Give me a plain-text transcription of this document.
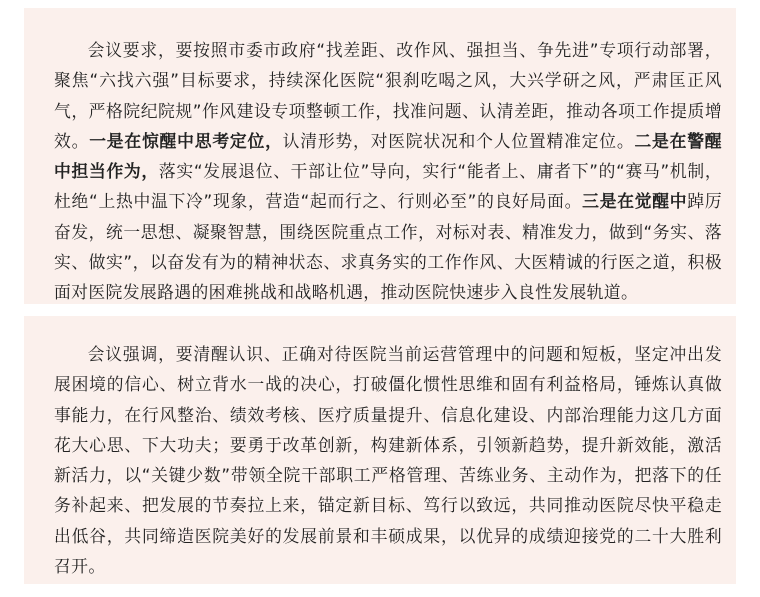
会议要求，要按照市委市政府“找差距、改作风、强担当、争先进”专项行动部署，聚焦“六找六强”目标要求，持续深化医院“狠刹吃喝之风，大兴学研之风，严肃匡正风气，严格院纪院规”作风建设专项整顿工作，找准问题、认清差距，推动各项工作提质增效。一是在惊醒中思考定位，认清形势，对医院状况和个人位置精准定位。二是在警醒中担当作为，落实“发展退位、干部让位”导向，实行“能者上、庸者下”的“赛马”机制，杜绝“上热中温下冷”现象，营造“起而行之、行则必至”的良好局面。三是在觉醒中踔厉奋发，统一思想、凝聚智慧，围绕医院重点工作，对标对表、精准发力，做到“务实、落实、做实”，以奋发有为的精神状态、求真务实的工作作风、大医精诚的行医之道，积极面对医院发展路遇的困难挑战和战略机遇，推动医院快速步入良性发展轨道。

会议强调，要清醒认识、正确对待医院当前运营管理中的问题和短板，坚定冲出发展困境的信心、树立背水一战的决心，打破僵化惯性思维和固有利益格局，锤炼认真做事能力，在行风整治、绩效考核、医疗质量提升、信息化建设、内部治理能力这几方面花大心思、下大功夫；要勇于改革创新，构建新体系，引领新趋势，提升新效能，激活新活力，以“关键少数”带领全院干部职工严格管理、苦练业务、主动作为，把落下的任务补起来、把发展的节奏拉上来，锚定新目标、笃行以致远，共同推动医院尽快平稳走出低谷，共同缔造医院美好的发展前景和丰硕成果，以优异的成绩迎接党的二十大胜利召开。
